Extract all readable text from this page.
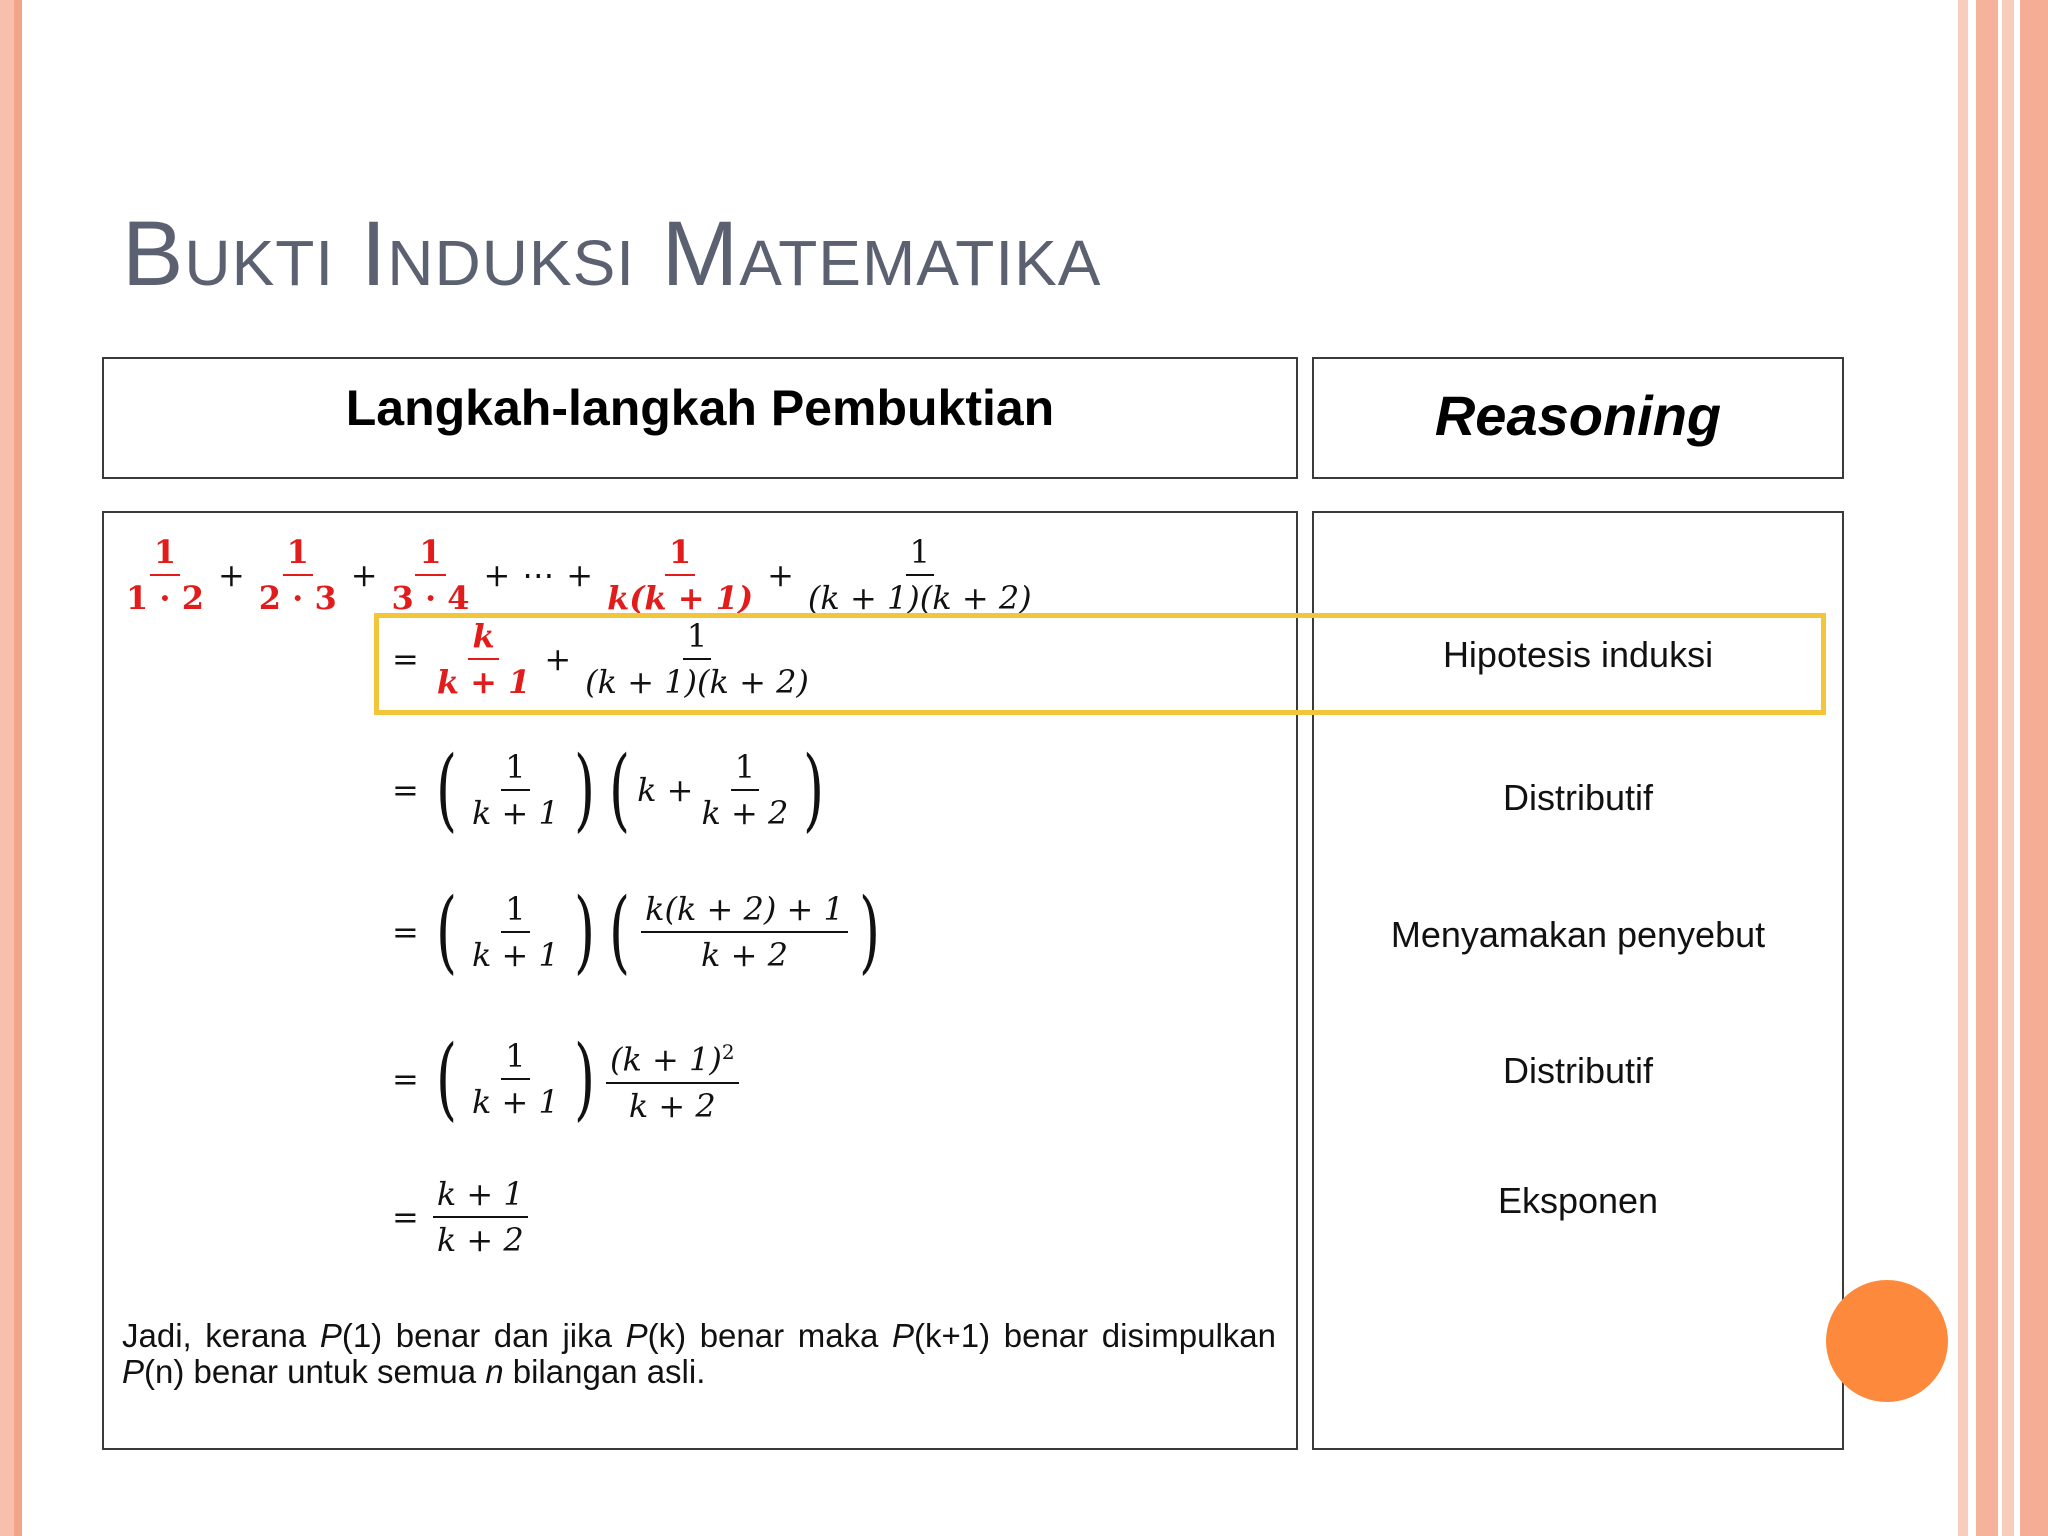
Bukti Induksi Matematika
Langkah-langkah Pembuktian	Reasoning
$\frac{1}{1 \cdot 2} + \frac{1}{2 \cdot 3} + \frac{1}{3 \cdot 4}$ + ⋯ + $\frac{1}{k(k + 1)} + \frac{1}{(k + 1)(k + 2)}$
= $\frac{k}{k + 1} + \frac{1}{(k + 1)(k + 2)}$
= ( $\frac{1}{k + 1}$ ) ( $k + \frac{1}{k + 2}$ )
= ( $\frac{1}{k + 1}$ ) ( $\frac{k(k + 2) + 1}{k + 2}$ )
= ( $\frac{1}{k + 1}$ ) $\frac{(k + 1)^2}{k + 2}$
= $\frac{k + 1}{k + 2}$
Jadi, kerana P(1) benar dan jika P(k) benar maka P(k+1) benar disimpulkan P(n) benar untuk semua n bilangan asli.
Hipotesis induksi
Distributif
Menyamakan penyebut
Distributif
Eksponen
